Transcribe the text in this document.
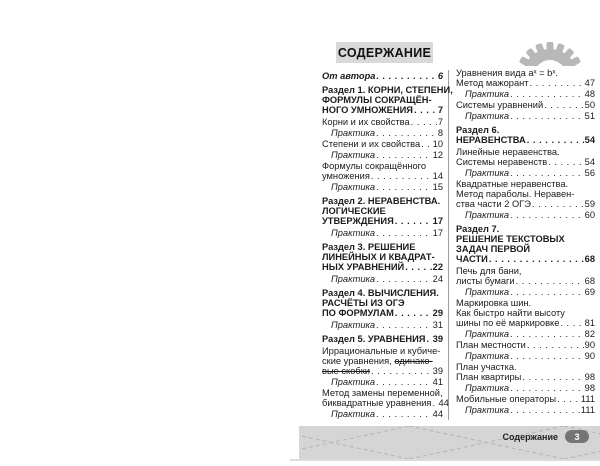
СОДЕРЖАНИЕ
От автора . . .	6
Раздел 1. КОРНИ, СТЕПЕНИ,
ФОРМУЛЫ СОКРАЩЁН-
НОГО УМНОЖЕНИЯ . . .	7
Корни и их свойства . . .	7
Практика . . .	8
Степени и их свойства . . . 10
Практика . . .	12
Формулы сокращённого
умножения . . .	14
Практика . . .	15
Раздел 2. НЕРАВЕНСТВА.
ЛОГИЧЕСКИЕ
УТВЕРЖДЕНИЯ . . .	17
Практика . . .	17
Раздел 3. РЕШЕНИЕ
ЛИНЕЙНЫХ И КВАДРАТ-
НЫХ УРАВНЕНИЙ . . .	22
Практика . . .	24
Раздел 4. ВЫЧИСЛЕНИЯ.
РАСЧЁТЫ ИЗ ОГЭ
ПО ФОРМУЛАМ . . .	29
Практика . . .	31
Раздел 5. УРАВНЕНИЯ . . . 39
Иррациональные и кубиче-
ские уравнения, одинако-
вые скобки . . .	39
Практика . . .	41
Метод замены переменной,
биквадратные уравнения . . . 44
Практика . . .	44
Уравнения вида aˣ = bˣ.
Метод мажорант . . .	47
Практика . . .	48
Системы уравнений . . .	50
Практика . . .	51
Раздел 6.
НЕРАВЕНСТВА . . .	54
Линейные неравенства.
Системы неравенств . . .	54
Практика . . .	56
Квадратные неравенства.
Метод параболы. Неравен-
ства части 2 ОГЭ . . .	59
Практика . . .	60
Раздел 7.
РЕШЕНИЕ ТЕКСТОВЫХ
ЗАДАЧ ПЕРВОЙ
ЧАСТИ . . .	68
Печь для бани,
листы бумаги . . .	68
Практика . . .	69
Маркировка шин.
Как быстро найти высоту
шины по её маркировке . . .	81
Практика . . .	82
План местности . . .	90
Практика . . .	90
План участка.
План квартиры . . .	98
Практика . . .	98
Мобильные операторы . . .	111
Практика . . .	111
Содержание	3
